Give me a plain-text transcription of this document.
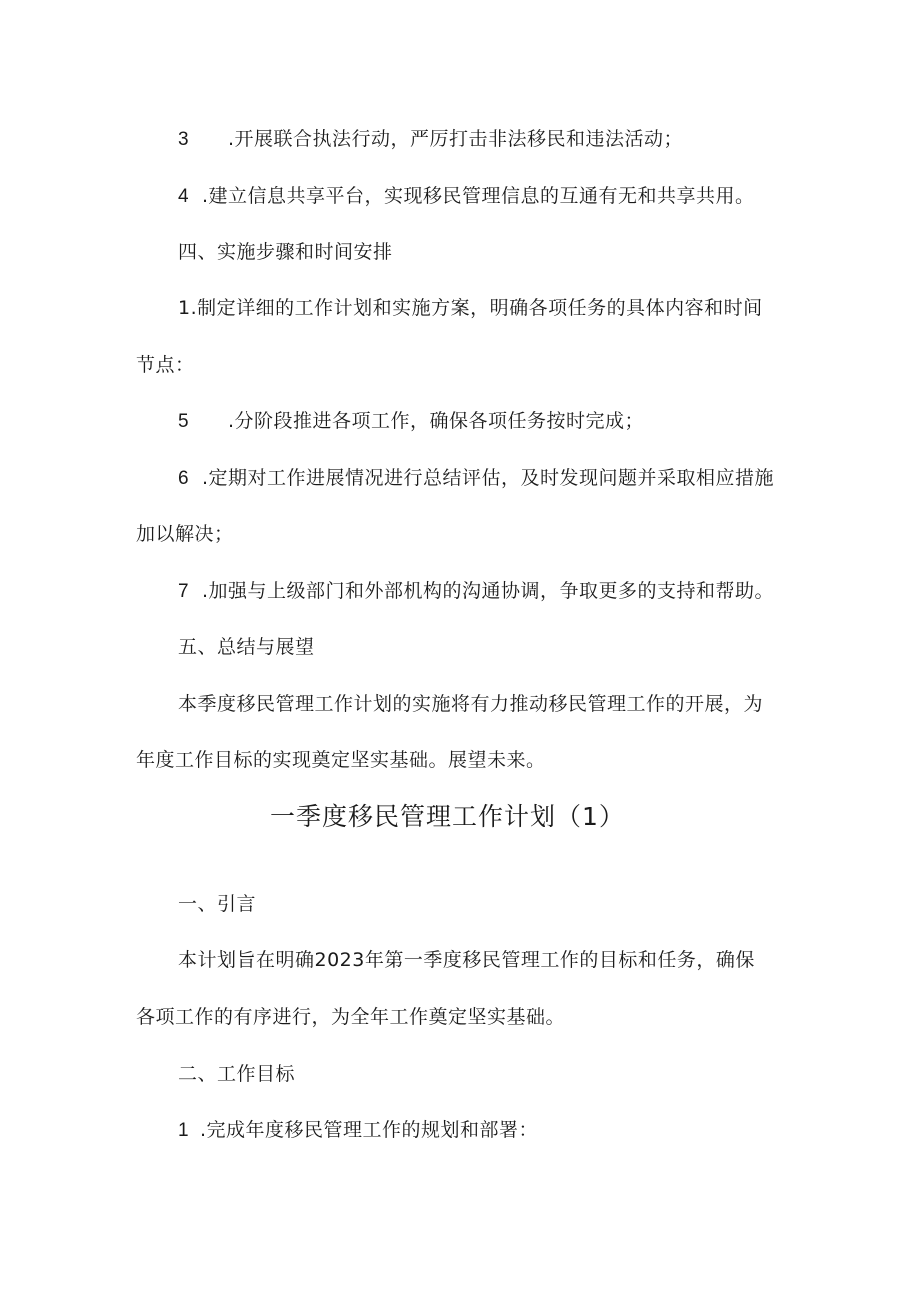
3 .开展联合执法行动，严厉打击非法移民和违法活动；
4 .建立信息共享平台，实现移民管理信息的互通有无和共享共用。
四、实施步骤和时间安排
1.制定详细的工作计划和实施方案，明确各项任务的具体内容和时间
节点：
5 .分阶段推进各项工作，确保各项任务按时完成；
6 .定期对工作进展情况进行总结评估，及时发现问题并采取相应措施
加以解决；
7 .加强与上级部门和外部机构的沟通协调，争取更多的支持和帮助。
五、总结与展望
本季度移民管理工作计划的实施将有力推动移民管理工作的开展，为
年度工作目标的实现奠定坚实基础。展望未来。
一季度移民管理工作计划（1）
一、引言
本计划旨在明确2023年第一季度移民管理工作的目标和任务，确保
各项工作的有序进行，为全年工作奠定坚实基础。
二、工作目标
1 .完成年度移民管理工作的规划和部署：
